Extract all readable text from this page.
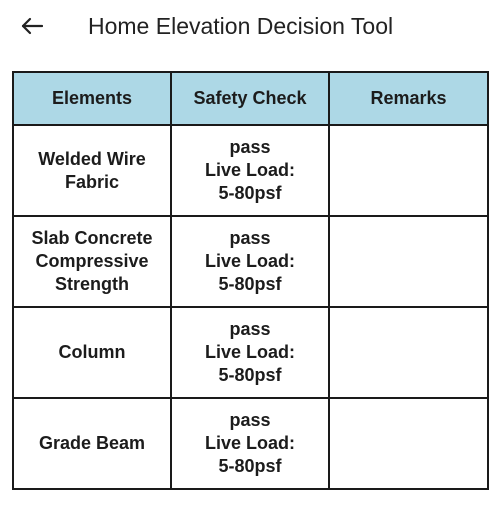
Home Elevation Decision Tool
Elements	Safety Check	Remarks

Welded Wire
Fabric	pass
Live Load:
5-80psf	

Slab Concrete
Compressive
Strength	pass
Live Load:
5-80psf	

Column	pass
Live Load:
5-80psf	

Grade Beam	pass
Live Load:
5-80psf	
